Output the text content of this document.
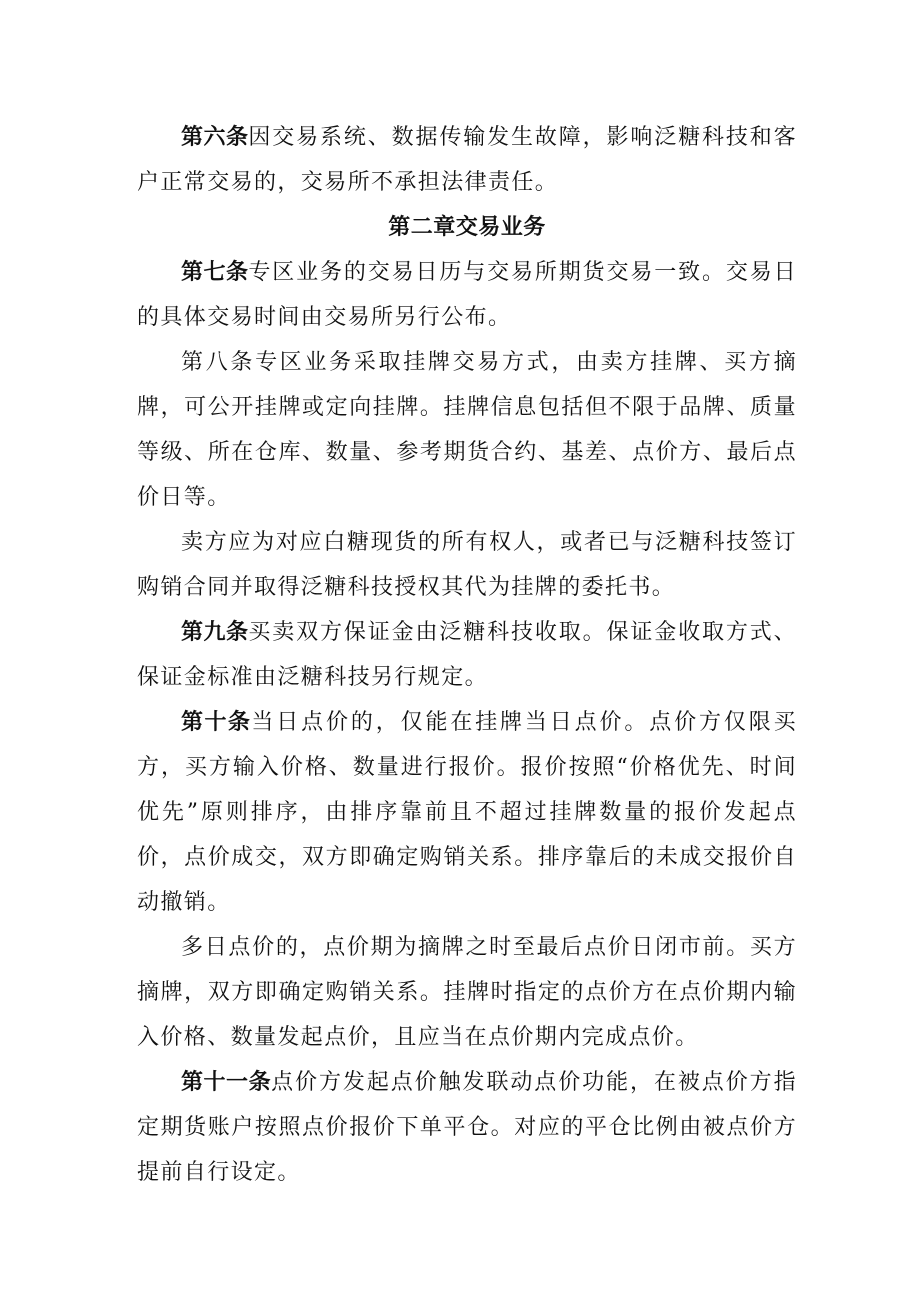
第六条因交易系统、数据传输发生故障，影响泛糖科技和客户正常交易的，交易所不承担法律责任。

第二章交易业务

第七条专区业务的交易日历与交易所期货交易一致。交易日的具体交易时间由交易所另行公布。

第八条专区业务采取挂牌交易方式，由卖方挂牌、买方摘牌，可公开挂牌或定向挂牌。挂牌信息包括但不限于品牌、质量等级、所在仓库、数量、参考期货合约、基差、点价方、最后点价日等。

卖方应为对应白糖现货的所有权人，或者已与泛糖科技签订购销合同并取得泛糖科技授权其代为挂牌的委托书。

第九条买卖双方保证金由泛糖科技收取。保证金收取方式、保证金标准由泛糖科技另行规定。

第十条当日点价的，仅能在挂牌当日点价。点价方仅限买方，买方输入价格、数量进行报价。报价按照“价格优先、时间优先”原则排序，由排序靠前且不超过挂牌数量的报价发起点价，点价成交，双方即确定购销关系。排序靠后的未成交报价自动撤销。

多日点价的，点价期为摘牌之时至最后点价日闭市前。买方摘牌，双方即确定购销关系。挂牌时指定的点价方在点价期内输入价格、数量发起点价，且应当在点价期内完成点价。

第十一条点价方发起点价触发联动点价功能，在被点价方指定期货账户按照点价报价下单平仓。对应的平仓比例由被点价方提前自行设定。
